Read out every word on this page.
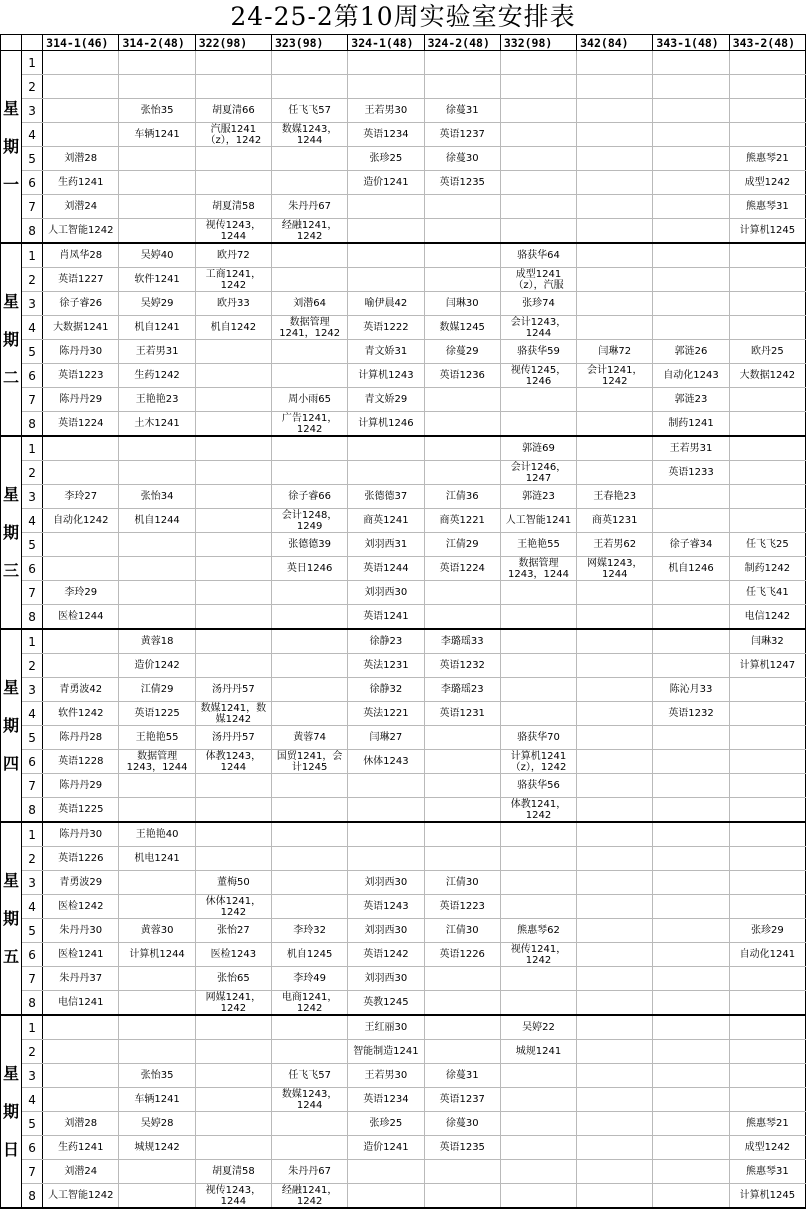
24-25-2第10周实验室安排表
		314-1(46)	314-2(48)	322(98)	323(98)	324-1(48)	324-2(48)	332(98)	342(84)	343-1(48)	343-2(48)
星期一	1										
	2										
	3		张怡35	胡夏清66	任飞飞57	王若男30	徐蔓31				
	4		车辆1241	汽服1241（z），1242	数媒1243，1244	英语1234	英语1237				
	5	刘潜28				张珍25	徐蔓30				熊惠琴21
	6	生药1241				造价1241	英语1235				成型1242
	7	刘潜24		胡夏清58	朱丹丹67						熊惠琴31
	8	人工智能1242		视传1243，1244	经融1241，1242						计算机1245
星期二	1	肖凤华28	吴婷40	欧丹72				骆获华64			
	2	英语1227	软件1241	工商1241，1242				成型1241（z），汽服			
	3	徐子睿26	吴婷29	欧丹33	刘潜64	喻伊晨42	闫琳30	张珍74			
	4	大数据1241	机自1241	机自1242	数据管理1241，1242	英语1222	数媒1245	会计1243，1244			
	5	陈丹丹30	王若男31			青文娇31	徐蔓29	骆获华59	闫琳72	郭涟26	欧丹25
	6	英语1223	生药1242			计算机1243	英语1236	视传1245，1246	会计1241，1242	自动化1243	大数据1242
	7	陈丹丹29	王艳艳23		周小雨65	青文娇29				郭涟23	
	8	英语1224	土木1241		广告1241，1242	计算机1246				制药1241	
星期三	1							郭涟69		王若男31	
	2							会计1246，1247		英语1233	
	3	李玲27	张怡34		徐子睿66	张德德37	江倩36	郭涟23	王春艳23		
	4	自动化1242	机自1244		会计1248，1249	商英1241	商英1221	人工智能1241	商英1231		
	5				张德德39	刘羽西31	江倩29	王艳艳55	王若男62	徐子睿34	任飞飞25
	6				英日1246	英语1244	英语1224	数据管理1243，1244	网媒1243，1244	机自1246	制药1242
	7	李玲29				刘羽西30					任飞飞41
	8	医检1244				英语1241					电信1242
星期四	1		黄蓉18			徐静23	李璐瑶33				闫琳32
	2		造价1242			英法1231	英语1232				计算机1247
	3	青勇波42	江倩29	汤丹丹57		徐静32	李璐瑶23			陈沁月33	
	4	软件1242	英语1225	数媒1241，数媒1242		英法1221	英语1231			英语1232	
	5	陈丹丹28	王艳艳55	汤丹丹57	黄蓉74	闫琳27		骆获华70			
	6	英语1228	数据管理1243，1244	体教1243，1244	国贸1241，会计1245	休体1243		计算机1241（z），1242			
	7	陈丹丹29						骆获华56			
	8	英语1225						体教1241，1242			
星期五	1	陈丹丹30	王艳艳40								
	2	英语1226	机电1241								
	3	青勇波29		董梅50		刘羽西30	江倩30				
	4	医检1242		休体1241，1242		英语1243	英语1223				
	5	朱丹丹30	黄蓉30	张怡27	李玲32	刘羽西30	江倩30	熊惠琴62			张珍29
	6	医检1241	计算机1244	医检1243	机自1245	英语1242	英语1226	视传1241，1242			自动化1241
	7	朱丹丹37		张怡65	李玲49	刘羽西30					
	8	电信1241		网媒1241，1242	电商1241，1242	英教1245					
星期日	1					王红丽30		吴婷22			
	2					智能制造1241		城规1241			
	3		张怡35		任飞飞57	王若男30	徐蔓31				
	4		车辆1241		数媒1243，1244	英语1234	英语1237				
	5	刘潜28	吴婷28			张珍25	徐蔓30				熊惠琴21
	6	生药1241	城规1242			造价1241	英语1235				成型1242
	7	刘潜24		胡夏清58	朱丹丹67						熊惠琴31
	8	人工智能1242		视传1243，1244	经融1241，1242						计算机1245
